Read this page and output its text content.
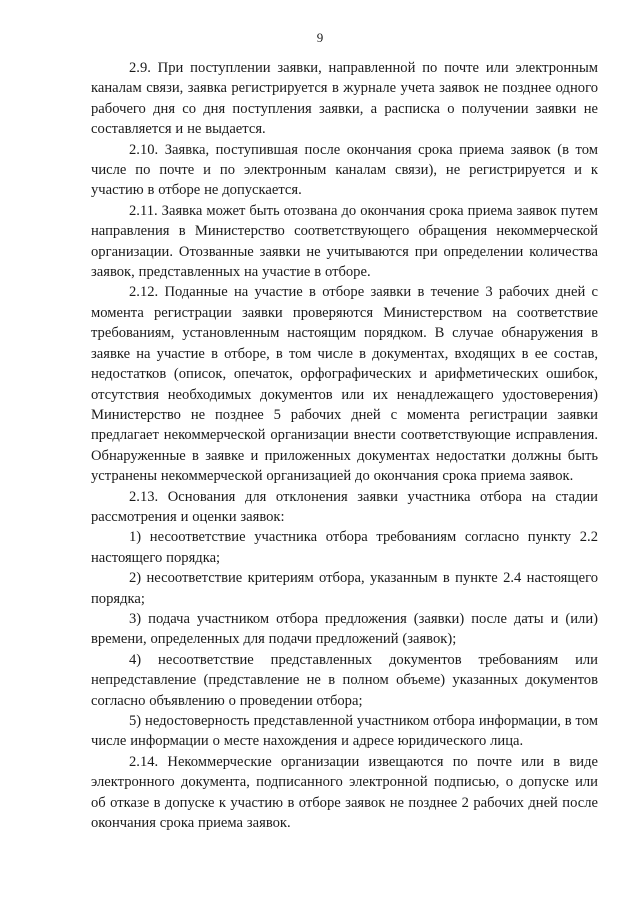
9

2.9. При поступлении заявки, направленной по почте или электронным каналам связи, заявка регистрируется в журнале учета заявок не позднее одного рабочего дня со дня поступления заявки, а расписка о получении заявки не составляется и не выдается.

2.10. Заявка, поступившая после окончания срока приема заявок (в том числе по почте и по электронным каналам связи), не регистрируется и к участию в отборе не допускается.

2.11. Заявка может быть отозвана до окончания срока приема заявок путем направления в Министерство соответствующего обращения некоммерческой организации. Отозванные заявки не учитываются при определении количества заявок, представленных на участие в отборе.

2.12. Поданные на участие в отборе заявки в течение 3 рабочих дней с момента регистрации заявки проверяются Министерством на соответствие требованиям, установленным настоящим порядком. В случае обнаружения в заявке на участие в отборе, в том числе в документах, входящих в ее состав, недостатков (описок, опечаток, орфографических и арифметических ошибок, отсутствия необходимых документов или их ненадлежащего удостоверения) Министерство не позднее 5 рабочих дней с момента регистрации заявки предлагает некоммерческой организации внести соответствующие исправления. Обнаруженные в заявке и приложенных документах недостатки должны быть устранены некоммерческой организацией до окончания срока приема заявок.

2.13. Основания для отклонения заявки участника отбора на стадии рассмотрения и оценки заявок:

1) несоответствие участника отбора требованиям согласно пункту 2.2 настоящего порядка;

2) несоответствие критериям отбора, указанным в пункте 2.4 настоящего порядка;

3) подача участником отбора предложения (заявки) после даты и (или) времени, определенных для подачи предложений (заявок);

4) несоответствие представленных документов требованиям или непредставление (представление не в полном объеме) указанных документов согласно объявлению о проведении отбора;

5) недостоверность представленной участником отбора информации, в том числе информации о месте нахождения и адресе юридического лица.

2.14. Некоммерческие организации извещаются по почте или в виде электронного документа, подписанного электронной подписью, о допуске или об отказе в допуске к участию в отборе заявок не позднее 2 рабочих дней после окончания срока приема заявок.
